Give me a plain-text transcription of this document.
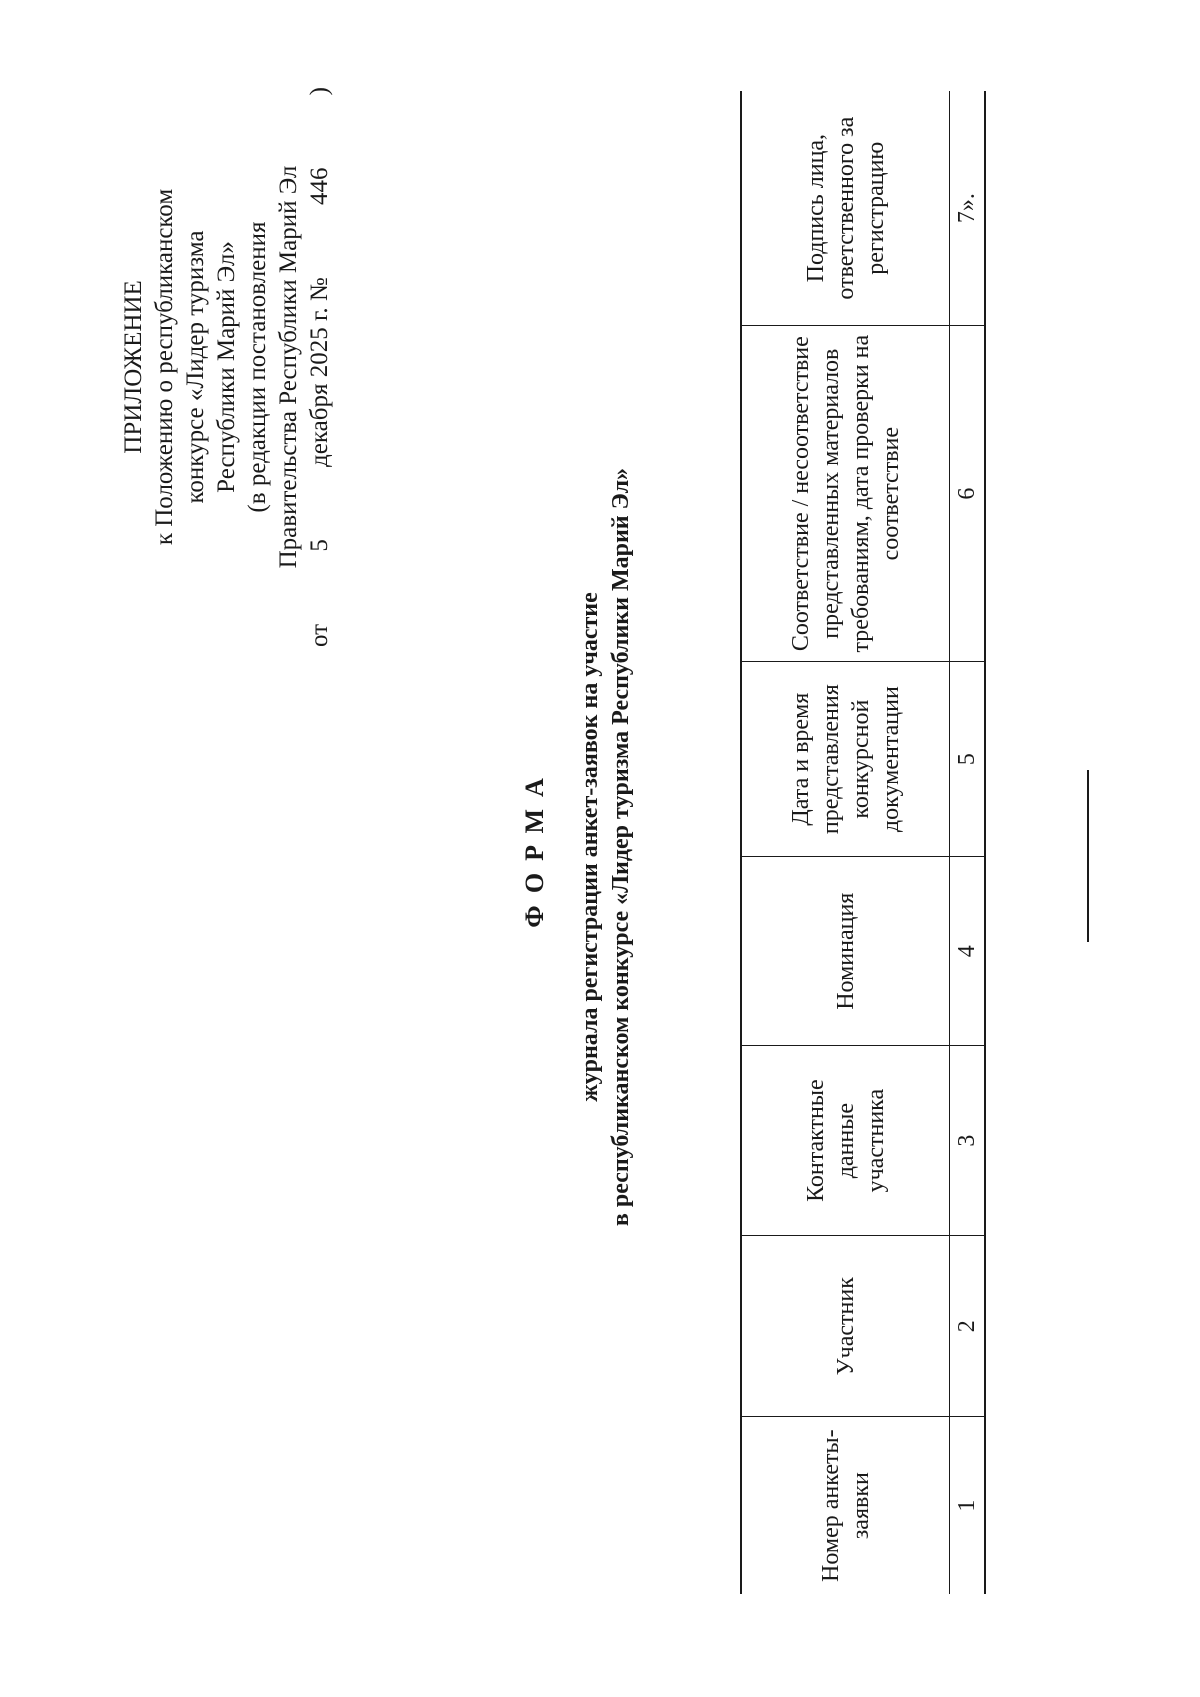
ПРИЛОЖЕНИЕ к Положению о республиканском конкурсе «Лидер туризма Республики Марий Эл» (в редакции постановления Правительства Республики Марий Эл
от
5
декабря 2025 г. №
446
)
ФОРМА журнала регистрации анкет-заявок на участие в республиканском конкурсе «Лидер туризма Республики Марий Эл»
Номер анкеты-заявки	Участник	Контактные данные участника	Номинация	Дата и время представления конкурсной документации	Соответствие / несоответствие представленных материалов требованиям, дата проверки на соответствие	Подпись лица, ответственного за регистрацию
1	2	3	4	5	6	7».
